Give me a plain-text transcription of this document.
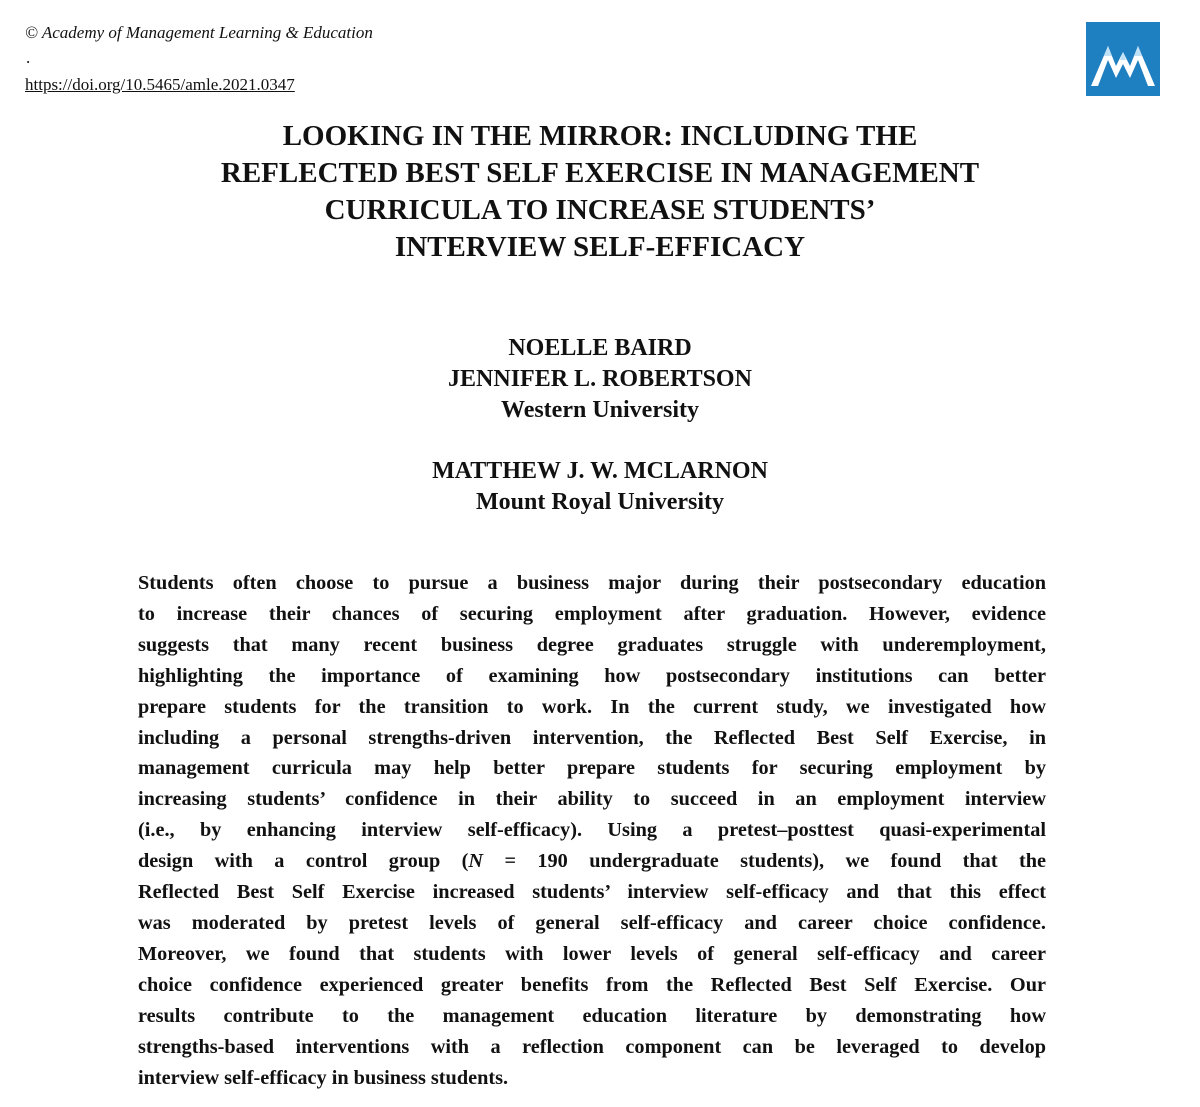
© Academy of Management Learning & Education
.
https://doi.org/10.5465/amle.2021.0347
LOOKING IN THE MIRROR: INCLUDING THE
REFLECTED BEST SELF EXERCISE IN MANAGEMENT
CURRICULA TO INCREASE STUDENTS’
INTERVIEW SELF-EFFICACY
NOELLE BAIRD
JENNIFER L. ROBERTSON
Western University
MATTHEW J. W. MCLARNON
Mount Royal University

Students often choose to pursue a business major during their postsecondary education
to increase their chances of securing employment after graduation. However, evidence
suggests that many recent business degree graduates struggle with underemployment,
highlighting the importance of examining how postsecondary institutions can better
prepare students for the transition to work. In the current study, we investigated how
including a personal strengths-driven intervention, the Reflected Best Self Exercise, in
management curricula may help better prepare students for securing employment by
increasing students’ confidence in their ability to succeed in an employment interview
(i.e., by enhancing interview self-efficacy). Using a pretest–posttest quasi-experimental
design with a control group (N = 190 undergraduate students), we found that the
Reflected Best Self Exercise increased students’ interview self-efficacy and that this effect
was moderated by pretest levels of general self-efficacy and career choice confidence.
Moreover, we found that students with lower levels of general self-efficacy and career
choice confidence experienced greater benefits from the Reflected Best Self Exercise. Our
results contribute to the management education literature by demonstrating how
strengths-based interventions with a reflection component can be leveraged to develop
interview self-efficacy in business students.
